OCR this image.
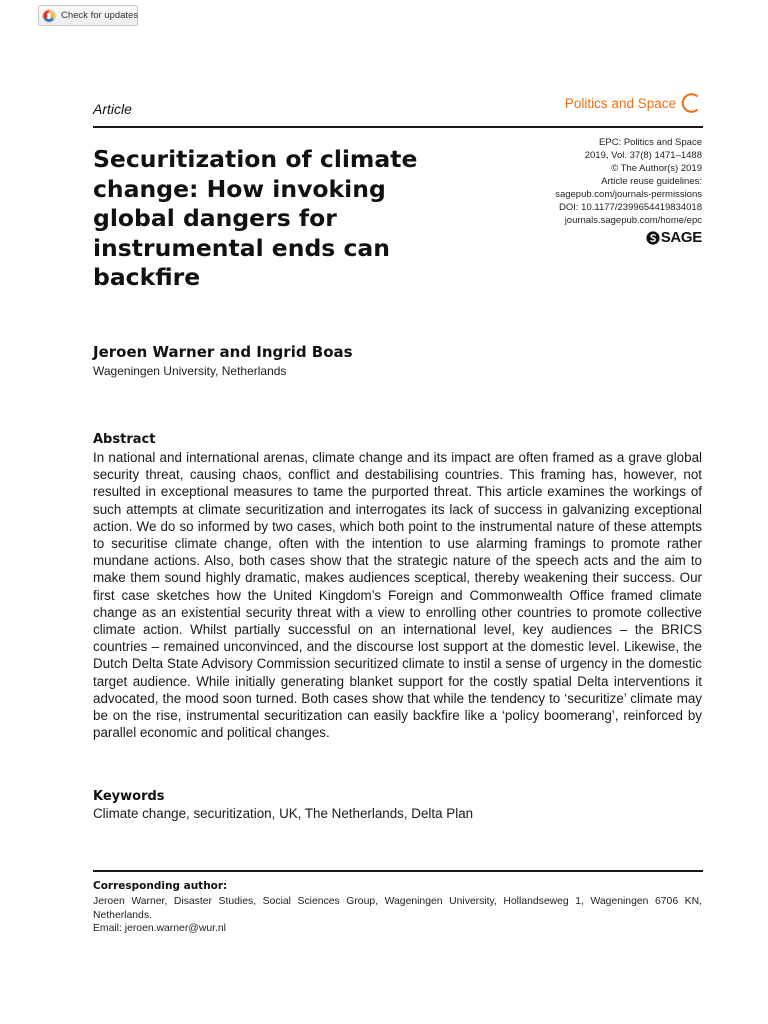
Check for updates
Article	Politics and Space
Securitization of climate change: How invoking global dangers for instrumental ends can backfire
EPC: Politics and Space
2019, Vol. 37(8) 1471–1488
© The Author(s) 2019
Article reuse guidelines:
sagepub.com/journals-permissions
DOI: 10.1177/2399654419834018
journals.sagepub.com/home/epc
SAGE
Jeroen Warner and Ingrid Boas
Wageningen University, Netherlands
Abstract

In national and international arenas, climate change and its impact are often framed as a grave global security threat, causing chaos, conflict and destabilising countries. This framing has, however, not resulted in exceptional measures to tame the purported threat. This article examines the workings of such attempts at climate securitization and interrogates its lack of success in galvanizing exceptional action. We do so informed by two cases, which both point to the instrumental nature of these attempts to securitise climate change, often with the intention to use alarming framings to promote rather mundane actions. Also, both cases show that the strategic nature of the speech acts and the aim to make them sound highly dramatic, makes audiences sceptical, thereby weakening their success. Our first case sketches how the United Kingdom’s Foreign and Commonwealth Office framed climate change as an existential security threat with a view to enrolling other countries to promote collective climate action. Whilst partially successful on an international level, key audiences – the BRICS countries – remained unconvinced, and the discourse lost support at the domestic level. Likewise, the Dutch Delta State Advisory Commission securitized climate to instil a sense of urgency in the domestic target audience. While initially generating blanket support for the costly spatial Delta interventions it advocated, the mood soon turned. Both cases show that while the tendency to ‘securitize’ climate may be on the rise, instrumental securitization can easily backfire like a ‘policy boomerang’, reinforced by parallel economic and political changes.

Keywords
Climate change, securitization, UK, The Netherlands, Delta Plan
Corresponding author:

Jeroen Warner, Disaster Studies, Social Sciences Group, Wageningen University, Hollandseweg 1, Wageningen 6706 KN, Netherlands.

Email: jeroen.warner@wur.nl
